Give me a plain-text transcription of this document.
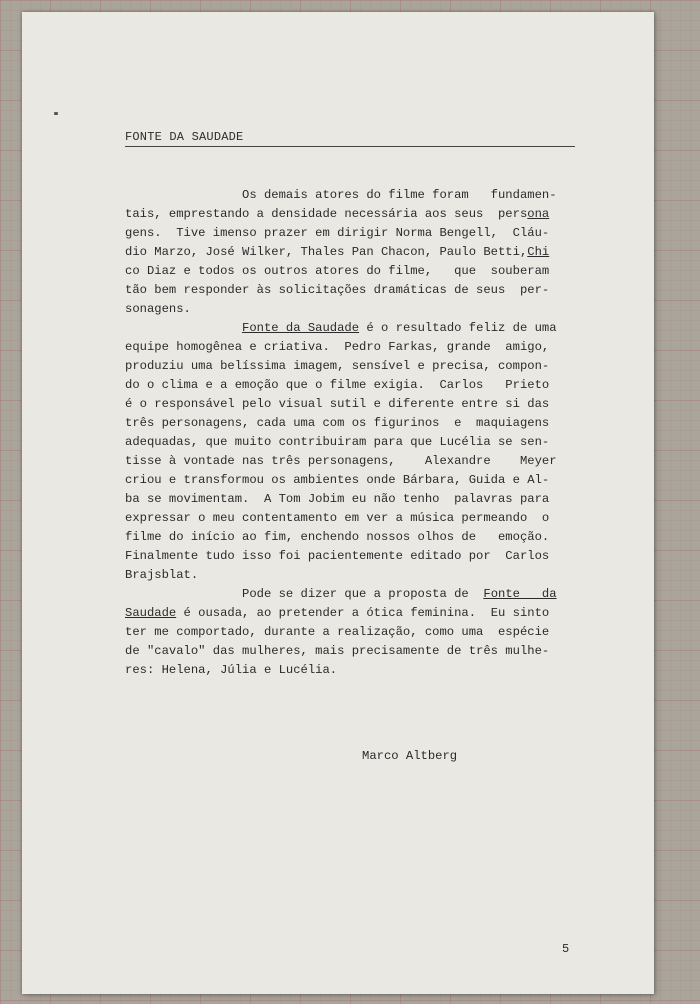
FONTE DA SAUDADE
Os demais atores do filme foram   fundamen-
tais, emprestando a densidade necessária aos seus  persona
gens.  Tive imenso prazer em dirigir Norma Bengell,  Cláu-
dio Marzo, José Wilker, Thales Pan Chacon, Paulo Betti,Chi
co Diaz e todos os outros atores do filme,   que  souberam
tão bem responder às solicitações dramáticas de seus  per-
sonagens.
Fonte da Saudade é o resultado feliz de uma
equipe homogênea e criativa.  Pedro Farkas, grande  amigo,
produziu uma belíssima imagem, sensível e precisa, compon-
do o clima e a emoção que o filme exigia.  Carlos   Prieto
é o responsável pelo visual sutil e diferente entre si das
três personagens, cada uma com os figurinos  e  maquiagens
adequadas, que muito contribuiram para que Lucélia se sen-
tisse à vontade nas três personagens,    Alexandre    Meyer
criou e transformou os ambientes onde Bárbara, Guida e Al-
ba se movimentam.  A Tom Jobim eu não tenho  palavras para
expressar o meu contentamento em ver a música permeando  o
filme do início ao fim, enchendo nossos olhos de   emoção.
Finalmente tudo isso foi pacientemente editado por  Carlos
Brajsblat.
Pode se dizer que a proposta de  Fonte   da
Saudade é ousada, ao pretender a ótica feminina.  Eu sinto
ter me comportado, durante a realização, como uma  espécie
de "cavalo" das mulheres, mais precisamente de três mulhe-
res: Helena, Júlia e Lucélia.
Marco Altberg
5
